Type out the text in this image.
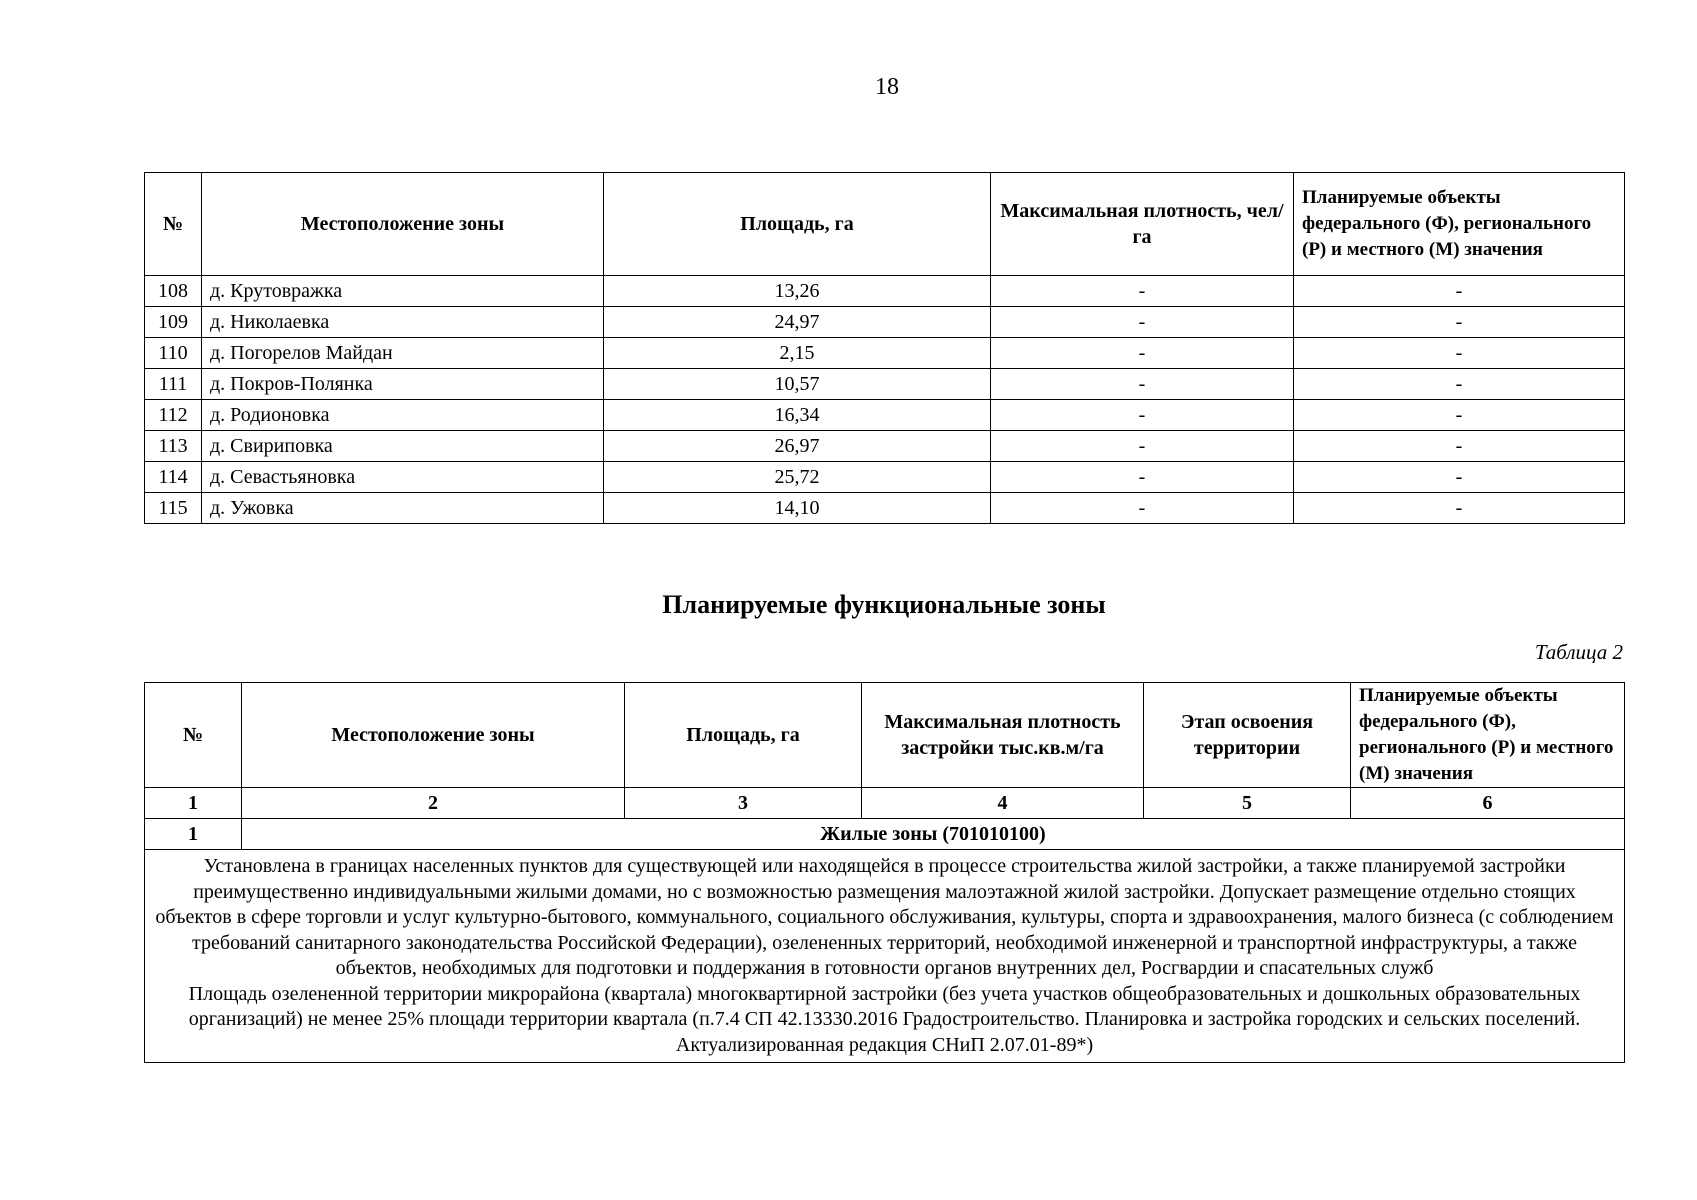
18
№	Местоположение зоны	Площадь, га	Максимальная плотность, чел/га	Планируемые объекты федерального (Ф), регионального (Р) и местного (М) значения
108	д. Крутовражка	13,26	-	-
109	д. Николаевка	24,97	-	-
110	д. Погорелов Майдан	2,15	-	-
111	д. Покров-Полянка	10,57	-	-
112	д. Родионовка	16,34	-	-
113	д. Свириповка	26,97	-	-
114	д. Севастьяновка	25,72	-	-
115	д. Ужовка	14,10	-	-
Планируемые функциональные зоны
Таблица 2
№	Местоположение зоны	Площадь, га	Максимальная плотность застройки тыс.кв.м/га	Этап освоения территории	Планируемые объекты федерального (Ф), регионального (Р) и местного (М) значения
1	2	3	4	5	6
1	Жилые зоны (701010100)				

Установлена в границах населенных пунктов для существующей или находящейся в процессе строительства жилой застройки, а также планируемой застройки преимущественно индивидуальными жилыми домами, но с возможностью размещения малоэтажной жилой застройки. Допускает размещение отдельно стоящих объектов в сфере торговли и услуг культурно-бытового, коммунального, социального обслуживания, культуры, спорта и здравоохранения, малого бизнеса (с соблюдением требований санитарного законодательства Российской Федерации), озелененных территорий, необходимой инженерной и транспортной инфраструктуры, а также объектов, необходимых для подготовки и поддержания в готовности органов внутренних дел, Росгвардии и спасательных служб
Площадь озелененной территории микрорайона (квартала) многоквартирной застройки (без учета участков общеобразовательных и дошкольных образовательных организаций) не менее 25% площади территории квартала (п.7.4 СП 42.13330.2016 Градостроительство. Планировка и застройка городских и сельских поселений. Актуализированная редакция СНиП 2.07.01-89*)					
